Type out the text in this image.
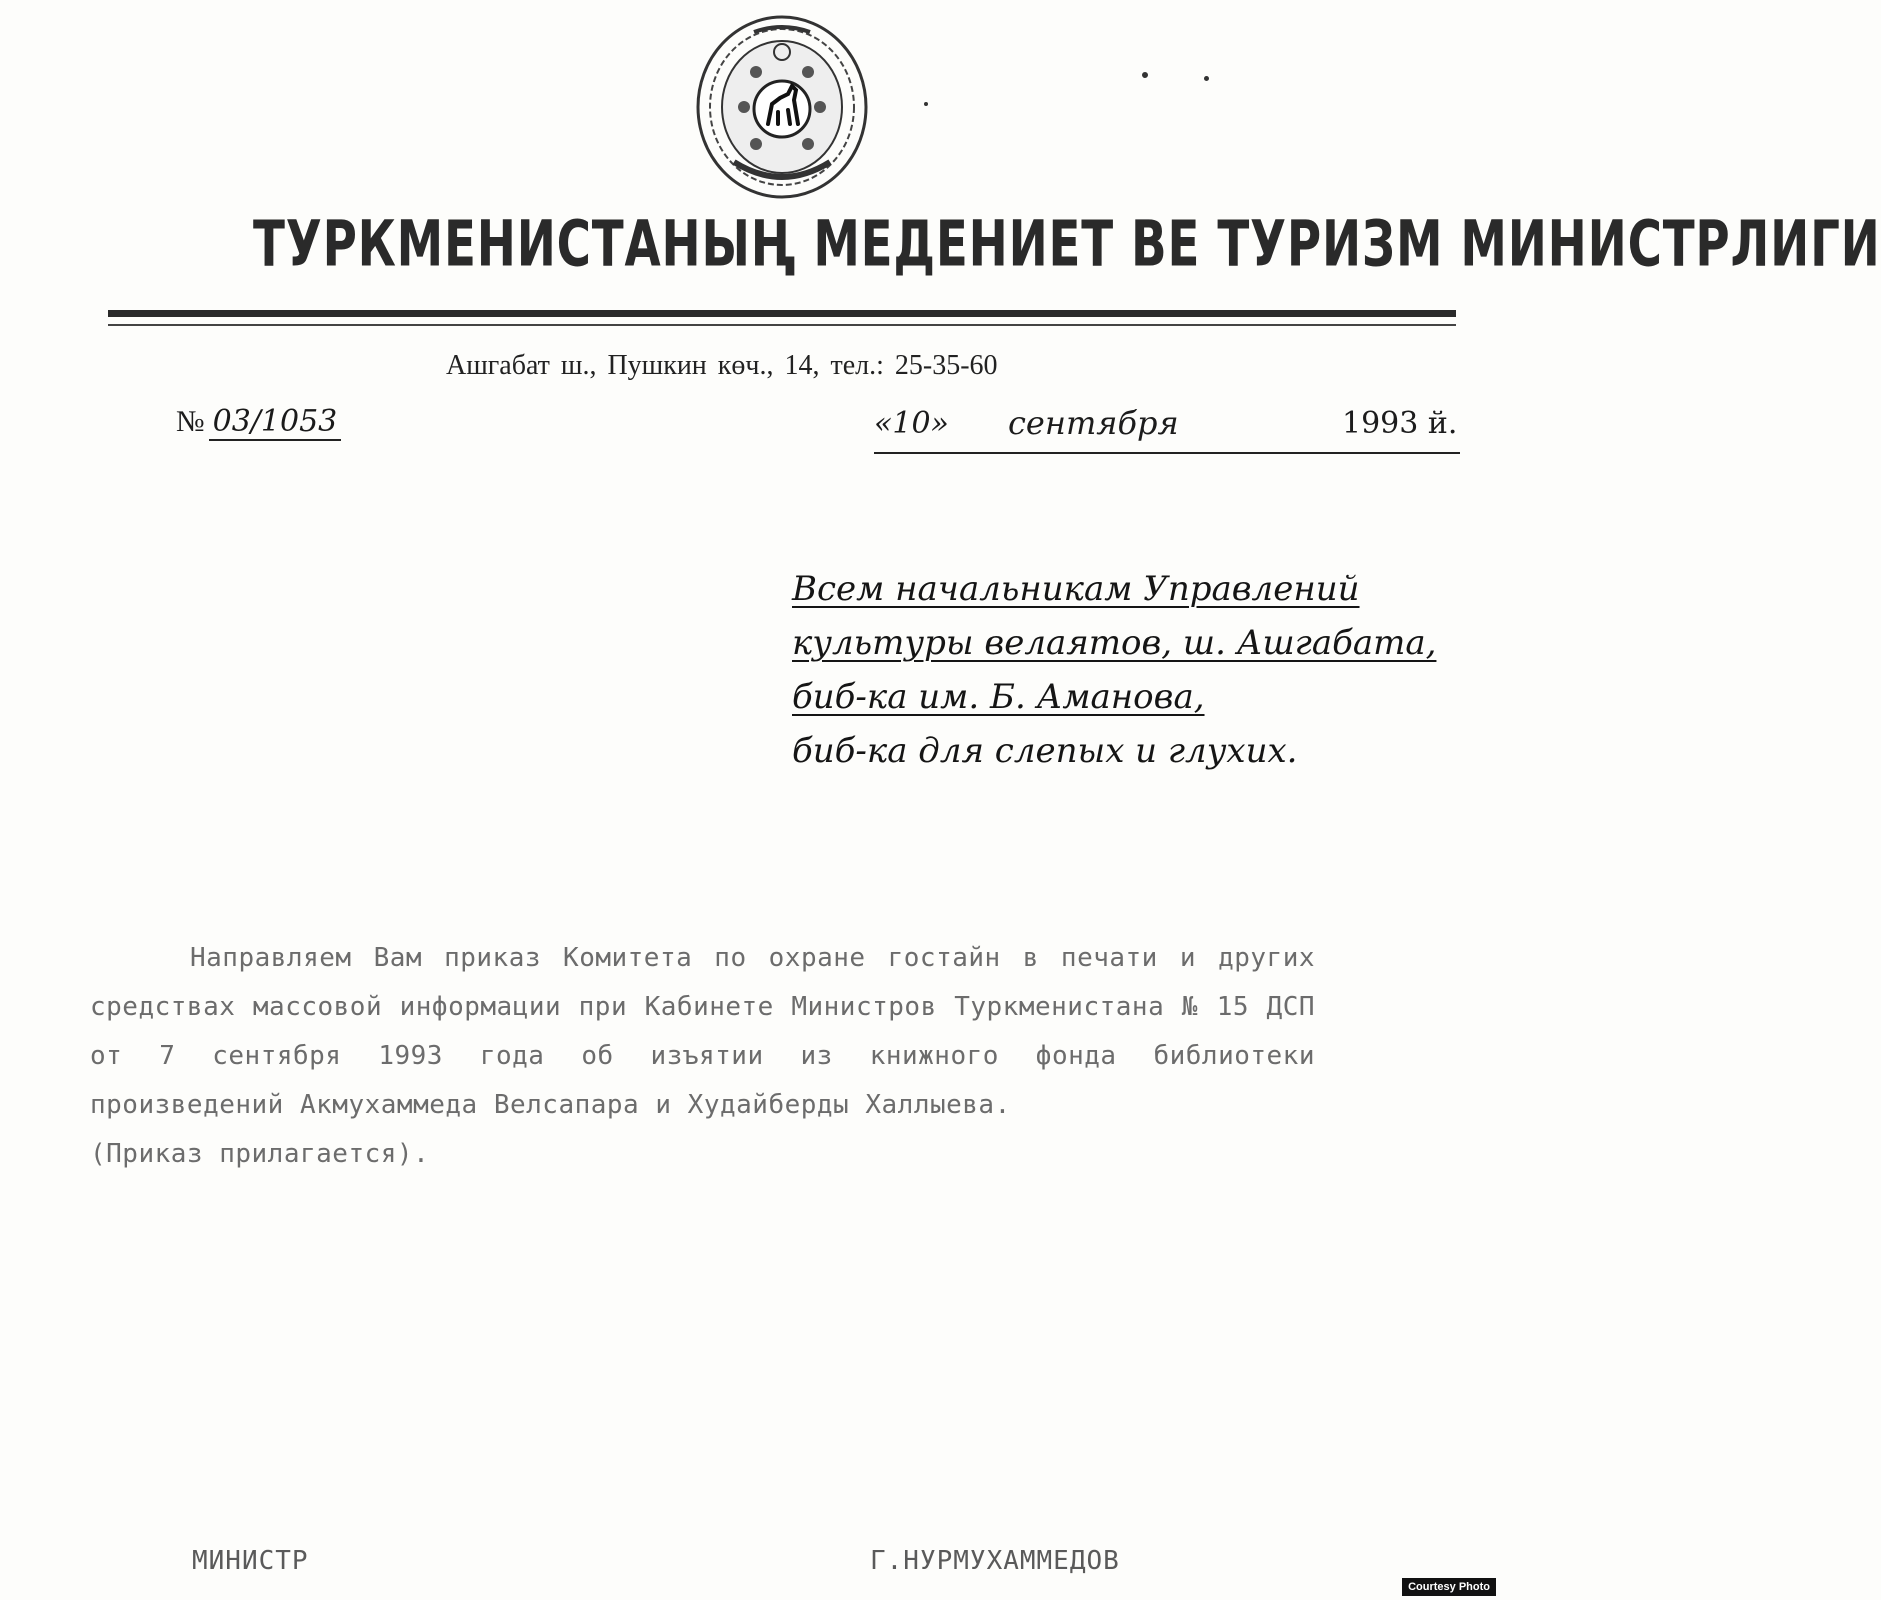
ТУРКМЕНИСТАНЫҢ МЕДЕНИЕТ ВЕ ТУРИЗМ МИНИСТРЛИГИ
Ашгабат ш., Пушкин көч., 14, тел.: 25-35-60
№ 03/1053	«10» сентября	1993 й.
Всем начальникам Управлений
культуры велаятов, ш. Ашгабата,
биб-ка им. Б. Аманова,
биб-ка для слепых и глухих.
Направляем Вам приказ Комитета по охране гостайн в печати и других средствах массовой информации при Кабинете Министров Туркменистана № 15 ДСП от 7 сентября 1993 года об изъятии из книжного фонда библиотеки произведений Акмухаммеда Велсапара и Худайберды Халлыева.
(Приказ прилагается).
МИНИСТР	Г.НУРМУХАММЕДОВ
Courtesy Photo
